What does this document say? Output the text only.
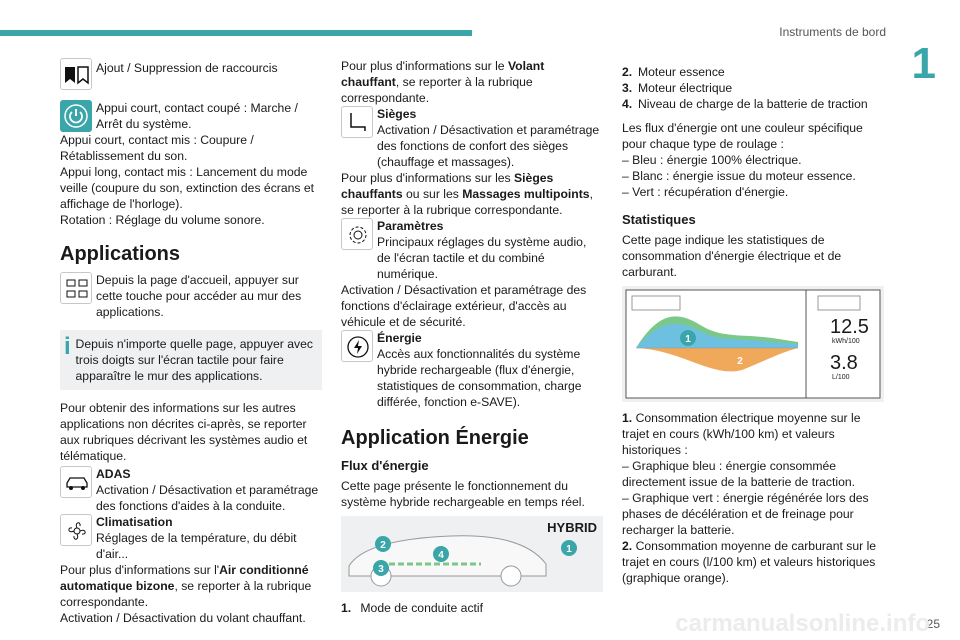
Instruments de bord
1
25
carmanualsonline.info
Ajout / Suppression de raccourcis
Appui court, contact coupé : Marche / Arrêt du système.
Appui court, contact mis : Coupure / Rétablissement du son.
Appui long, contact mis : Lancement du mode veille (coupure du son, extinction des écrans et affichage de l'horloge).
Rotation : Réglage du volume sonore.
Applications
Depuis la page d'accueil, appuyer sur cette touche pour accéder au mur des applications.
i Depuis n'importe quelle page, appuyer avec trois doigts sur l'écran tactile pour faire apparaître le mur des applications.
Pour obtenir des informations sur les autres applications non décrites ci-après, se reporter aux rubriques décrivant les systèmes audio et télématique.
ADAS
Activation / Désactivation et paramétrage des fonctions d'aides à la conduite.
Climatisation
Réglages de la température, du débit d'air...
Pour plus d'informations sur l'Air conditionné automatique bizone, se reporter à la rubrique correspondante.
Activation / Désactivation du volant chauffant.
Pour plus d'informations sur le Volant chauffant, se reporter à la rubrique correspondante.
Sièges
Activation / Désactivation et paramétrage des fonctions de confort des sièges (chauffage et massages).
Pour plus d'informations sur les Sièges chauffants ou sur les Massages multipoints, se reporter à la rubrique correspondante.
Paramètres
Principaux réglages du système audio, de l'écran tactile et du combiné numérique.
Activation / Désactivation et paramétrage des fonctions d'éclairage extérieur, d'accès au véhicule et de sécurité.
Énergie
Accès aux fonctionnalités du système hybride rechargeable (flux d'énergie, statistiques de consommation, charge différée, fonction e-SAVE).
Application Énergie
Flux d'énergie
Cette page présente le fonctionnement du système hybride rechargeable en temps réel.
3
2
4
1
HYBRID
1. Mode de conduite actif
2. Moteur essence
3. Moteur électrique
4. Niveau de charge de la batterie de traction
Les flux d'énergie ont une couleur spécifique pour chaque type de roulage :
– Bleu : énergie 100% électrique.
– Blanc : énergie issue du moteur essence.
– Vert : récupération d'énergie.
Statistiques
Cette page indique les statistiques de consommation d'énergie électrique et de carburant.
1
2
12.5
kWh/100
3.8
L/100
1. Consommation électrique moyenne sur le trajet en cours (kWh/100 km) et valeurs historiques :
– Graphique bleu : énergie consommée directement issue de la batterie de traction.
– Graphique vert : énergie régénérée lors des phases de décélération et de freinage pour recharger la batterie.
2. Consommation moyenne de carburant sur le trajet en cours (l/100 km) et valeurs historiques (graphique orange).
